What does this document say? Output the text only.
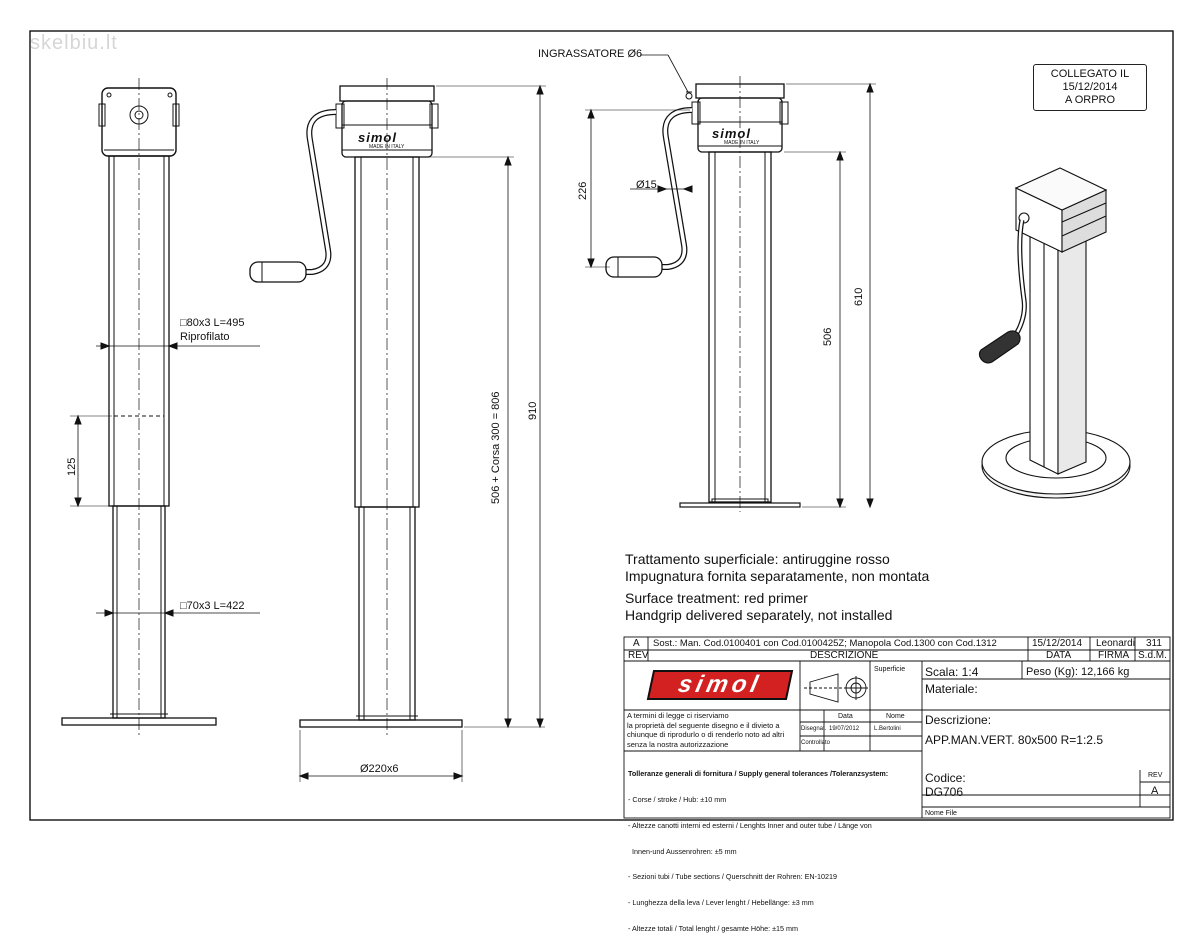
skelbiu.lt
COLLEGATO IL
15/12/2014
A ORPRO
simol
MADE IN ITALY
simol
MADE IN ITALY
INGRASSATORE Ø6
Ø15
□80x3 L=495
Riprofilato
□70x3 L=422
Ø220x6
125	506 + Corsa 300 = 806 910
226
506
610
Trattamento superficiale: antiruggine rosso
Impugnatura fornita separatamente, non montata
Surface treatment: red primer
Handgrip delivered separately, not installed
A Sost.: Man. Cod.0100401 con Cod.0100425Z; Manopola Cod.1300 con Cod.1312	15/12/2014 Leonardi 311
REV	DESCRIZIONE	DATA	FIRMA S.d.M.
simol
Superficie Scala: 1:4	Peso (Kg): 12,166 kg
Materiale:
A termini di legge ci riserviamo
la proprietà del seguente disegno e il divieto a
chiunque di riprodurlo o di renderlo noto ad altri
senza la nostra autorizzazione
Data	Nome
Disegnat. 19/07/2012 L.Bertolini
Controllato
Descrizione:
APP.MAN.VERT. 80x500 R=1:2.5

Tolleranze generali di fornitura / Supply general tolerances /Toleranzsystem:

- Corse / stroke / Hub: ±10 mm

- Altezze canotti interni ed esterni / Lenghts Inner and outer tube / Länge von

Innen-und Aussenrohren: ±5 mm

- Sezioni tubi / Tube sections / Querschnitt der Rohren: EN-10219

- Lunghezza della leva / Lever lenght / Hebellänge: ±3 mm

- Altezze totali / Total lenght / gesamte Höhe: ±15 mm

Codice:
DG706
REV
A
Nome File
